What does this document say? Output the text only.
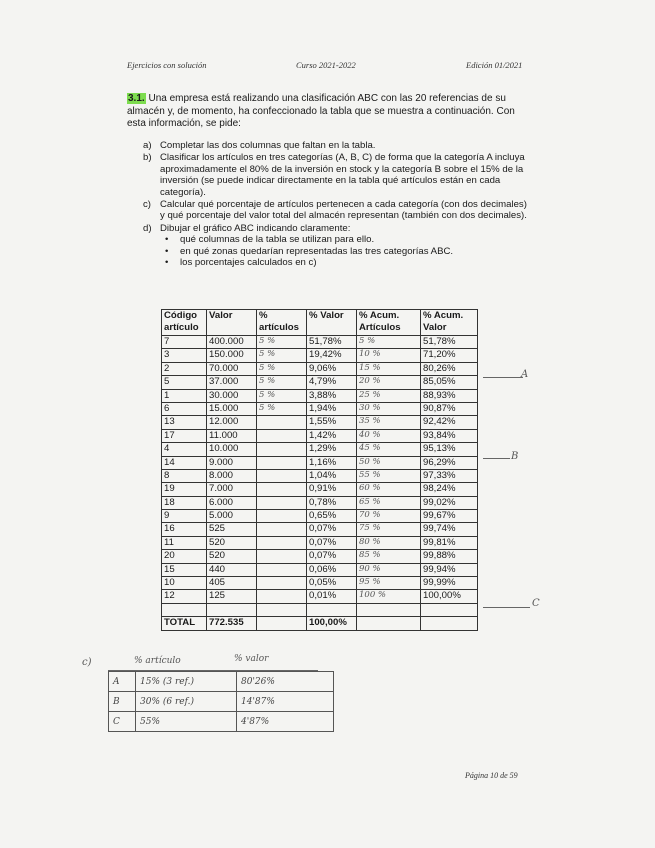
Ejercicios con solución	Curso 2021-2022	Edición 01/2021
3.1. Una empresa está realizando una clasificación ABC con las 20 referencias de su almacén y, de momento, ha confeccionado la tabla que se muestra a continuación. Con esta información, se pide:
a) Completar las dos columnas que faltan en la tabla.
b) Clasificar los artículos en tres categorías (A, B, C) de forma que la categoría A incluya aproximadamente el 80% de la inversión en stock y la categoría B sobre el 15% de la inversión (se puede indicar directamente en la tabla qué artículos están en cada categoría).
c) Calcular qué porcentaje de artículos pertenecen a cada categoría (con dos decimales) y qué porcentaje del valor total del almacén representan (también con dos decimales).
d) Dibujar el gráfico ABC indicando claramente:
• qué columnas de la tabla se utilizan para ello.
• en qué zonas quedarían representadas las tres categorías ABC.
• los porcentajes calculados en c)
Código artículo	Valor	% artículos	% Valor	% Acum. Artículos	% Acum. Valor
7	400.000	5 %	51,78%	5 %	51,78%
3	150.000	5 %	19,42%	10 %	71,20%
2	70.000	5 %	9,06%	15 %	80,26%
5	37.000	5 %	4,79%	20 %	85,05%
1	30.000	5 %	3,88%	25 %	88,93%
6	15.000	5 %	1,94%	30 %	90,87%
13	12.000		1,55%	35 %	92,42%
17	11.000		1,42%	40 %	93,84%
4	10.000		1,29%	45 %	95,13%
14	9.000		1,16%	50 %	96,29%
8	8.000		1,04%	55 %	97,33%
19	7.000		0,91%	60 %	98,24%
18	6.000		0,78%	65 %	99,02%
9	5.000		0,65%	70 %	99,67%
16	525		0,07%	75 %	99,74%
11	520		0,07%	80 %	99,81%
20	520		0,07%	85 %	99,88%
15	440		0,06%	90 %	99,94%
10	405		0,05%	95 %	99,99%
12	125		0,01%	100 %	100,00%

TOTAL	772.535		100,00%		
A
B
C
c)	% artículo	% valor
A	15% (3 ref.)	80'26%
B	30% (6 ref.)	14'87%
C	55%	4'87%
Página 10 de 59
